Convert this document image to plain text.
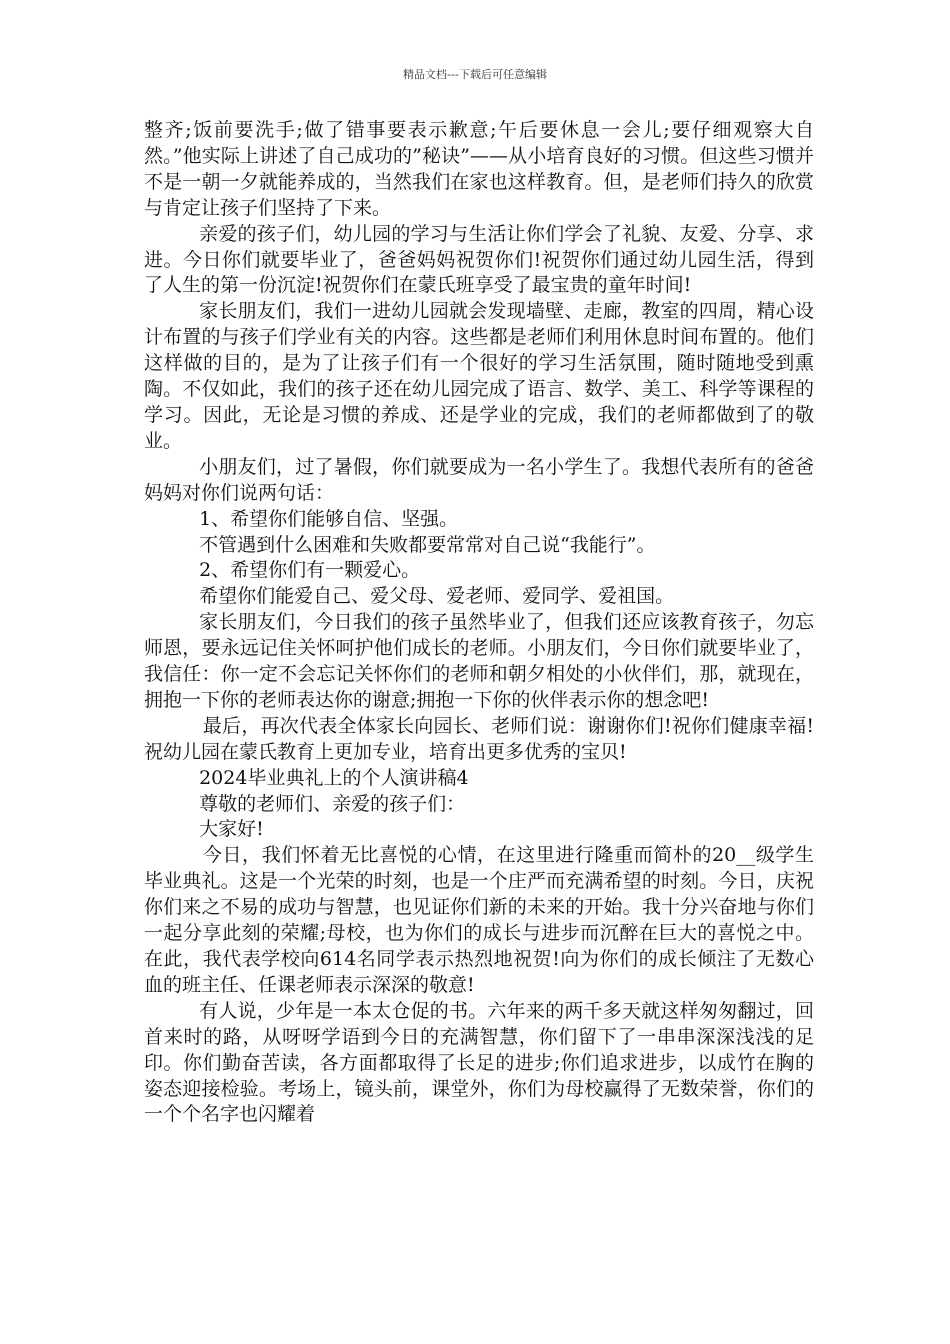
精品文档---下载后可任意编辑

整齐;饭前要洗手;做了错事要表示歉意;午后要休息一会儿;要仔细观察大自然。”他实际上讲述了自己成功的”秘诀”——从小培育良好的习惯。但这些习惯并不是一朝一夕就能养成的，当然我们在家也这样教育。但，是老师们持久的欣赏与肯定让孩子们坚持了下来。

亲爱的孩子们，幼儿园的学习与生活让你们学会了礼貌、友爱、分享、求进。今日你们就要毕业了，爸爸妈妈祝贺你们!祝贺你们通过幼儿园生活，得到了人生的第一份沉淀!祝贺你们在蒙氏班享受了最宝贵的童年时间!

家长朋友们，我们一进幼儿园就会发现墙壁、走廊，教室的四周，精心设计布置的与孩子们学业有关的内容。这些都是老师们利用休息时间布置的。他们这样做的目的，是为了让孩子们有一个很好的学习生活氛围，随时随地受到熏陶。不仅如此，我们的孩子还在幼儿园完成了语言、数学、美工、科学等课程的学习。因此，无论是习惯的养成、还是学业的完成，我们的老师都做到了的敬业。

小朋友们，过了暑假，你们就要成为一名小学生了。我想代表所有的爸爸妈妈对你们说两句话：

1、希望你们能够自信、坚强。

不管遇到什么困难和失败都要常常对自己说“我能行”。

2、希望你们有一颗爱心。

希望你们能爱自己、爱父母、爱老师、爱同学、爱祖国。

家长朋友们，今日我们的孩子虽然毕业了，但我们还应该教育孩子，勿忘师恩，要永远记住关怀呵护他们成长的老师。小朋友们，今日你们就要毕业了，我信任：你一定不会忘记关怀你们的老师和朝夕相处的小伙伴们，那，就现在，拥抱一下你的老师表达你的谢意;拥抱一下你的伙伴表示你的想念吧!

最后，再次代表全体家长向园长、老师们说：谢谢你们!祝你们健康幸福!祝幼儿园在蒙氏教育上更加专业，培育出更多优秀的宝贝!

2024毕业典礼上的个人演讲稿4

尊敬的老师们、亲爱的孩子们：

大家好!

今日，我们怀着无比喜悦的心情，在这里进行隆重而简朴的20__级学生毕业典礼。这是一个光荣的时刻，也是一个庄严而充满希望的时刻。今日，庆祝你们来之不易的成功与智慧，也见证你们新的未来的开始。我十分兴奋地与你们一起分享此刻的荣耀;母校，也为你们的成长与进步而沉醉在巨大的喜悦之中。在此，我代表学校向614名同学表示热烈地祝贺!向为你们的成长倾注了无数心血的班主任、任课老师表示深深的敬意!

有人说，少年是一本太仓促的书。六年来的两千多天就这样匆匆翻过，回首来时的路，从呀呀学语到今日的充满智慧，你们留下了一串串深深浅浅的足印。你们勤奋苦读，各方面都取得了长足的进步;你们追求进步，以成竹在胸的姿态迎接检验。考场上，镜头前，课堂外，你们为母校赢得了无数荣誉，你们的一个个名字也闪耀着
